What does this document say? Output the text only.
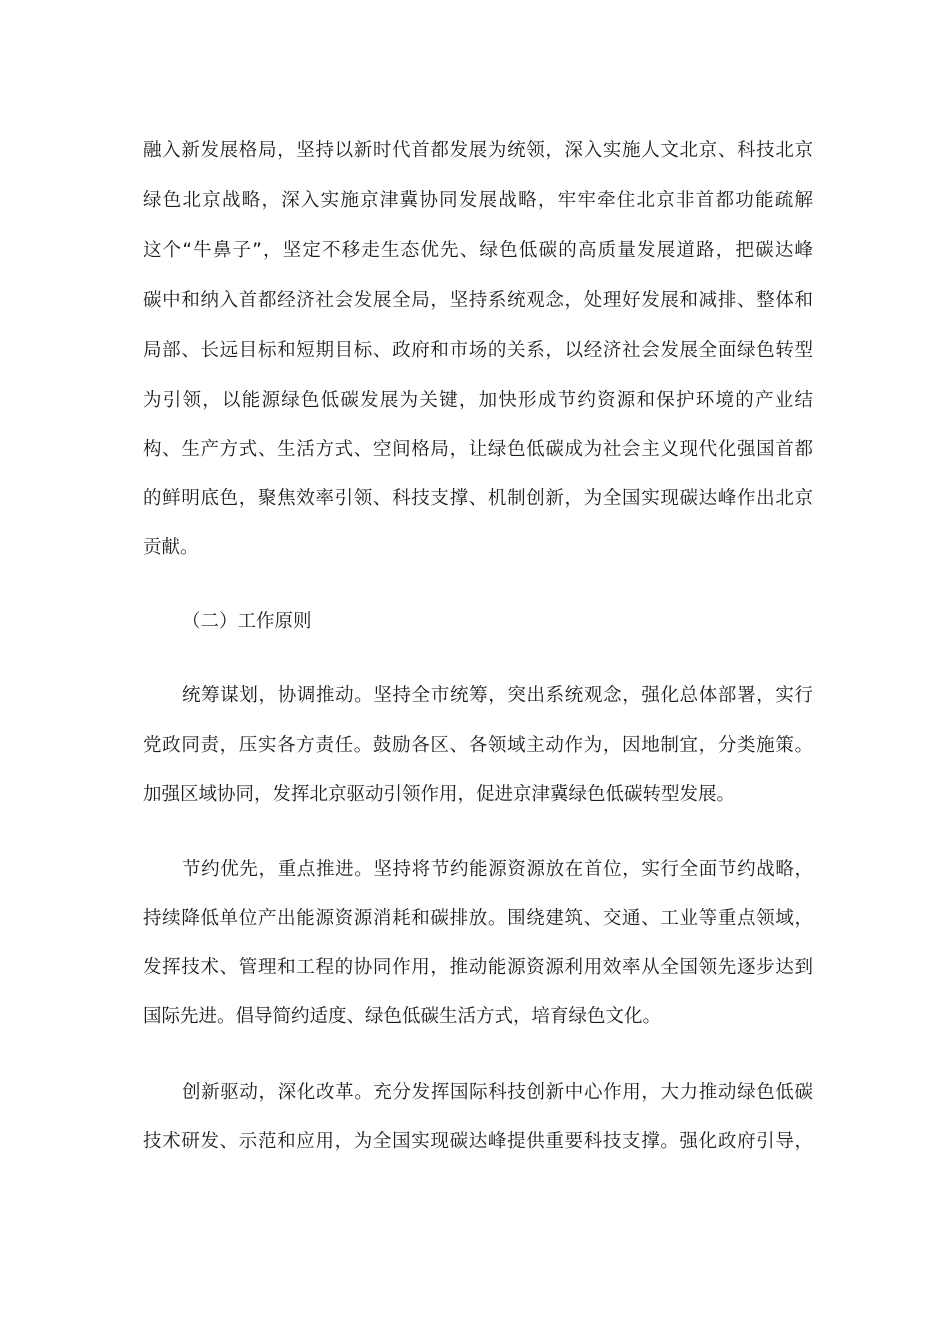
融入新发展格局，坚持以新时代首都发展为统领，深入实施人文北京、科技北京
绿色北京战略，深入实施京津冀协同发展战略，牢牢牵住北京非首都功能疏解
这个“牛鼻子”，坚定不移走生态优先、绿色低碳的高质量发展道路，把碳达峰
碳中和纳入首都经济社会发展全局，坚持系统观念，处理好发展和减排、整体和
局部、长远目标和短期目标、政府和市场的关系，以经济社会发展全面绿色转型
为引领，以能源绿色低碳发展为关键，加快形成节约资源和保护环境的产业结
构、生产方式、生活方式、空间格局，让绿色低碳成为社会主义现代化强国首都
的鲜明底色，聚焦效率引领、科技支撑、机制创新，为全国实现碳达峰作出北京
贡献。
（二）工作原则
统筹谋划，协调推动。坚持全市统筹，突出系统观念，强化总体部署，实行
党政同责，压实各方责任。鼓励各区、各领域主动作为，因地制宜，分类施策。
加强区域协同，发挥北京驱动引领作用，促进京津冀绿色低碳转型发展。
节约优先，重点推进。坚持将节约能源资源放在首位，实行全面节约战略，
持续降低单位产出能源资源消耗和碳排放。围绕建筑、交通、工业等重点领域，
发挥技术、管理和工程的协同作用，推动能源资源利用效率从全国领先逐步达到
国际先进。倡导简约适度、绿色低碳生活方式，培育绿色文化。
创新驱动，深化改革。充分发挥国际科技创新中心作用，大力推动绿色低碳
技术研发、示范和应用，为全国实现碳达峰提供重要科技支撑。强化政府引导，
